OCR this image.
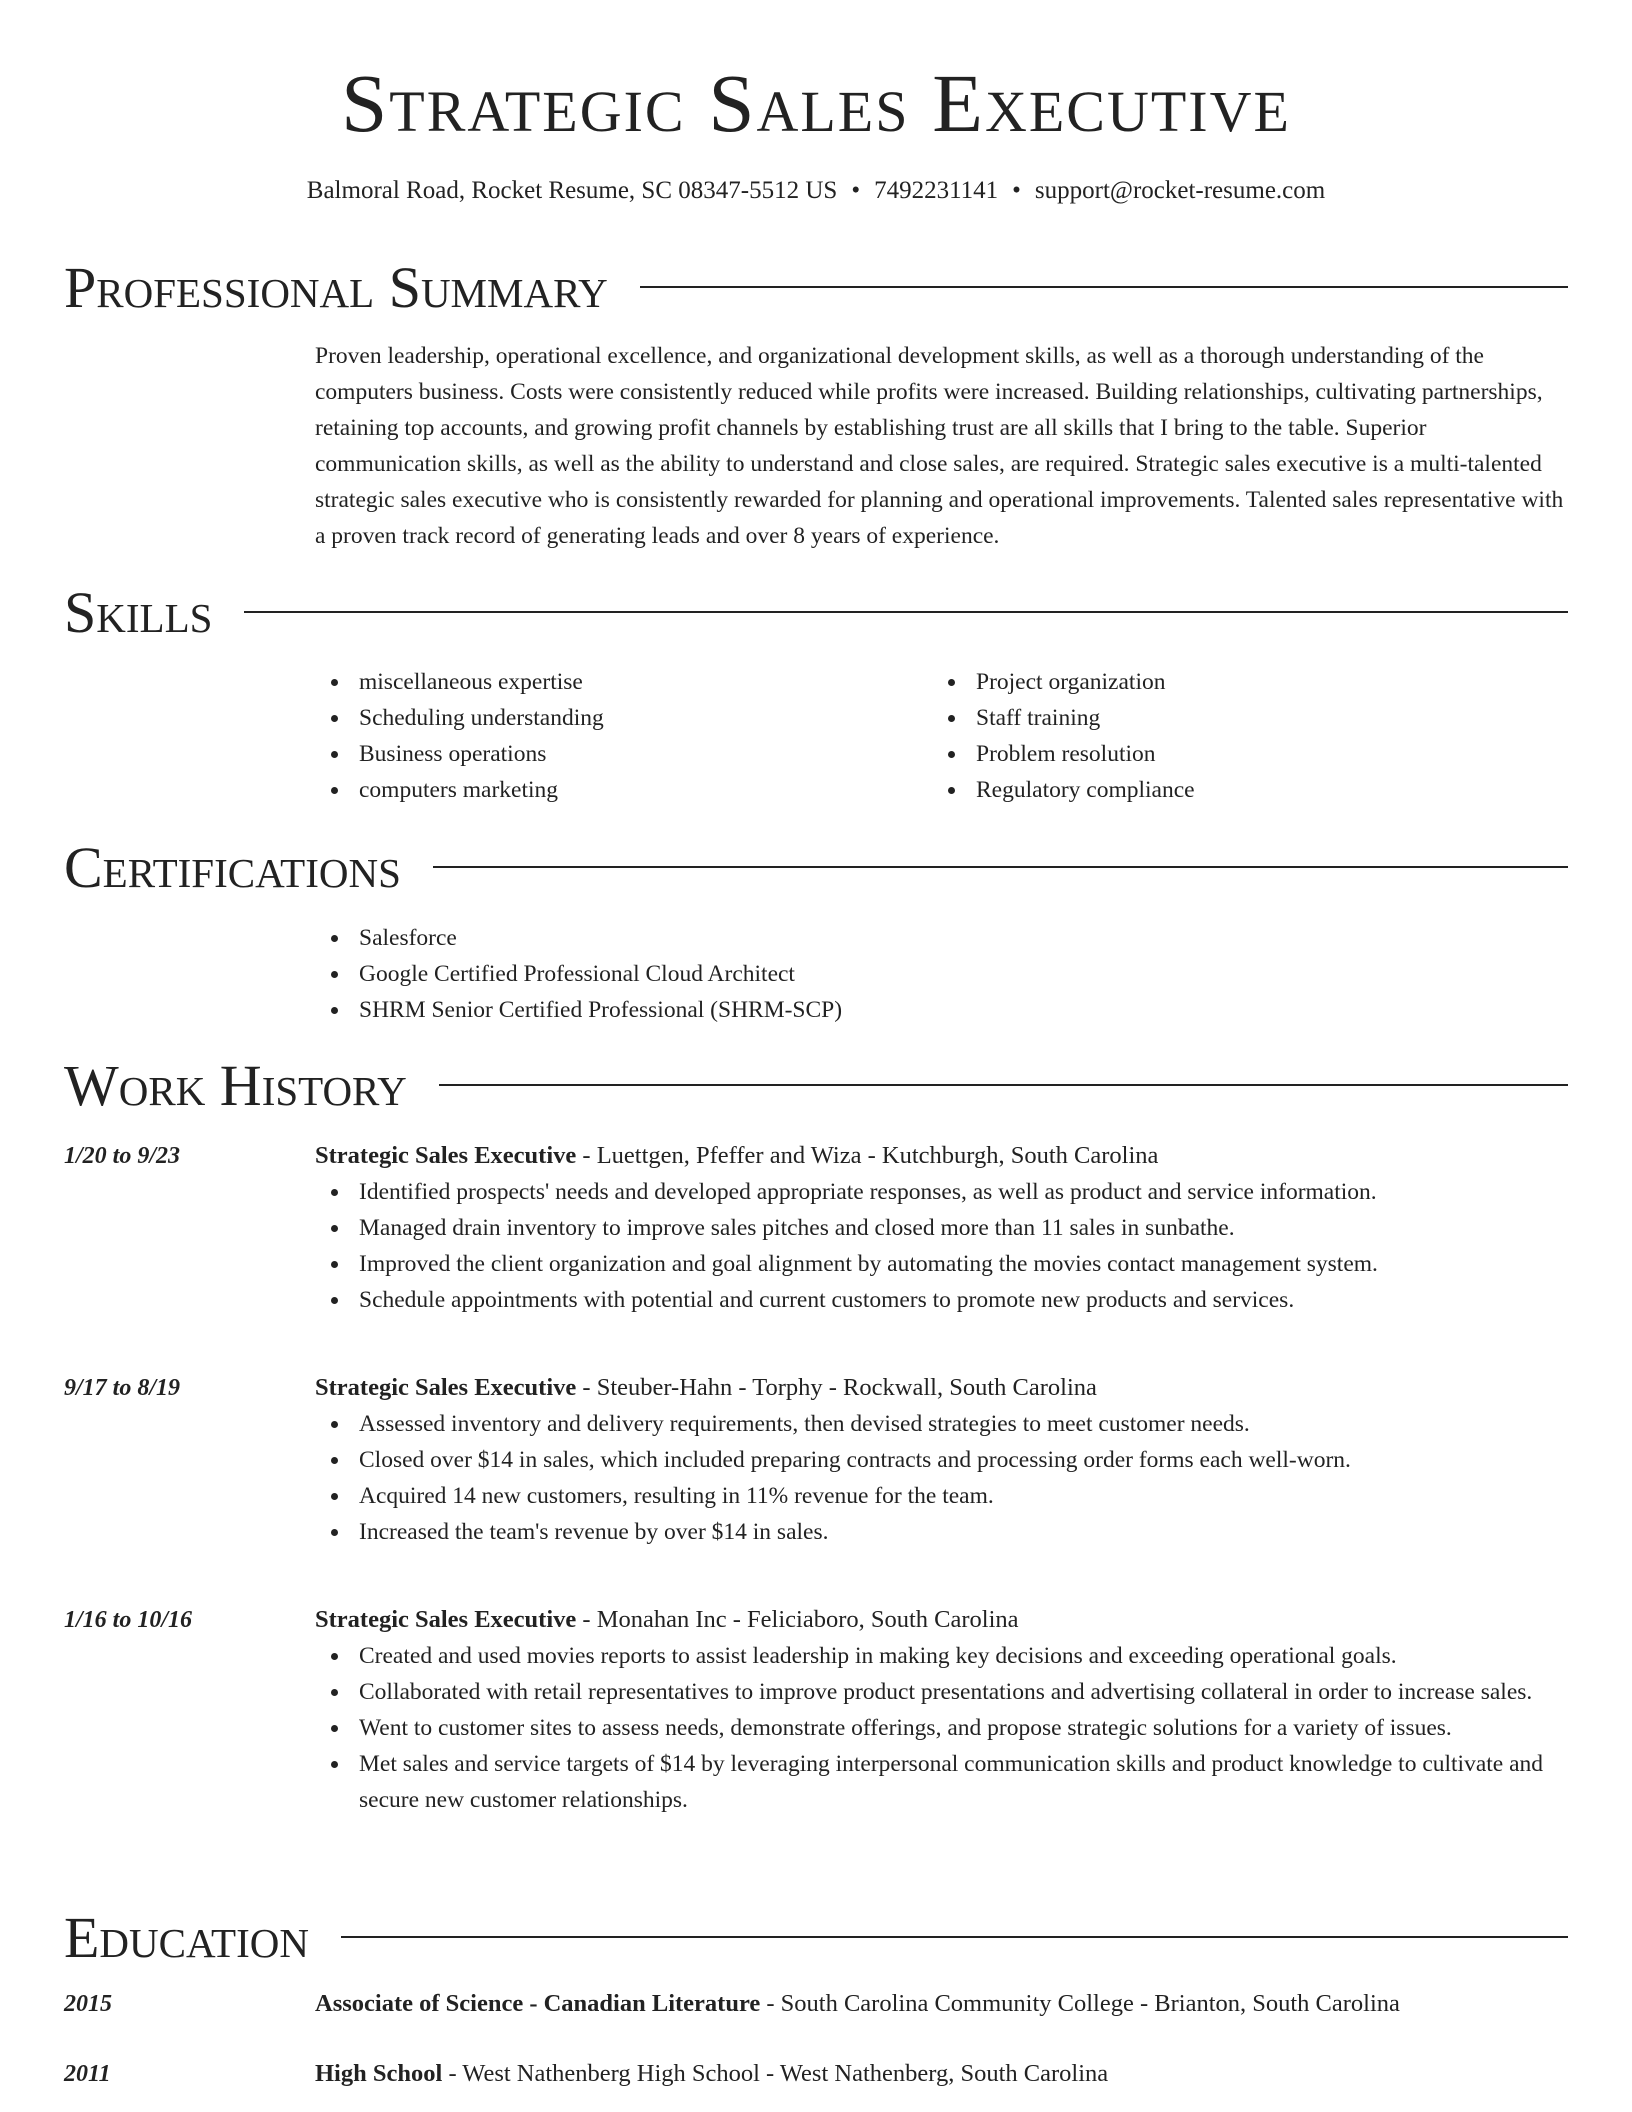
Strategic Sales Executive
Balmoral Road, Rocket Resume, SC 08347-5512 US • 7492231141 • support@rocket-resume.com
Professional Summary

Proven leadership, operational excellence, and organizational development skills, as well as a thorough understanding of the computers business. Costs were consistently reduced while profits were increased. Building relationships, cultivating partnerships, retaining top accounts, and growing profit channels by establishing trust are all skills that I bring to the table. Superior communication skills, as well as the ability to understand and close sales, are required. Strategic sales executive is a multi-talented strategic sales executive who is consistently rewarded for planning and operational improvements. Talented sales representative with a proven track record of generating leads and over 8 years of experience.

Skills
miscellaneous expertise
Scheduling understanding
Business operations
computers marketing
Project organization
Staff training
Problem resolution
Regulatory compliance
Certifications
Salesforce
Google Certified Professional Cloud Architect
SHRM Senior Certified Professional (SHRM-SCP)
Work History
1/20 to 9/23	Strategic Sales Executive - Luettgen, Pfeffer and Wiza - Kutchburgh, South Carolina
Identified prospects' needs and developed appropriate responses, as well as product and service information.
Managed drain inventory to improve sales pitches and closed more than 11 sales in sunbathe.
Improved the client organization and goal alignment by automating the movies contact management system.
Schedule appointments with potential and current customers to promote new products and services.
9/17 to 8/19	Strategic Sales Executive - Steuber-Hahn - Torphy - Rockwall, South Carolina
Assessed inventory and delivery requirements, then devised strategies to meet customer needs.
Closed over $14 in sales, which included preparing contracts and processing order forms each well-worn.
Acquired 14 new customers, resulting in 11% revenue for the team.
Increased the team's revenue by over $14 in sales.
1/16 to 10/16	Strategic Sales Executive - Monahan Inc - Feliciaboro, South Carolina
Created and used movies reports to assist leadership in making key decisions and exceeding operational goals.
Collaborated with retail representatives to improve product presentations and advertising collateral in order to increase sales.
Went to customer sites to assess needs, demonstrate offerings, and propose strategic solutions for a variety of issues.
Met sales and service targets of $14 by leveraging interpersonal communication skills and product knowledge to cultivate and secure new customer relationships.
Education
2015	Associate of Science - Canadian Literature - South Carolina Community College - Brianton, South Carolina
2011	High School - West Nathenberg High School - West Nathenberg, South Carolina
